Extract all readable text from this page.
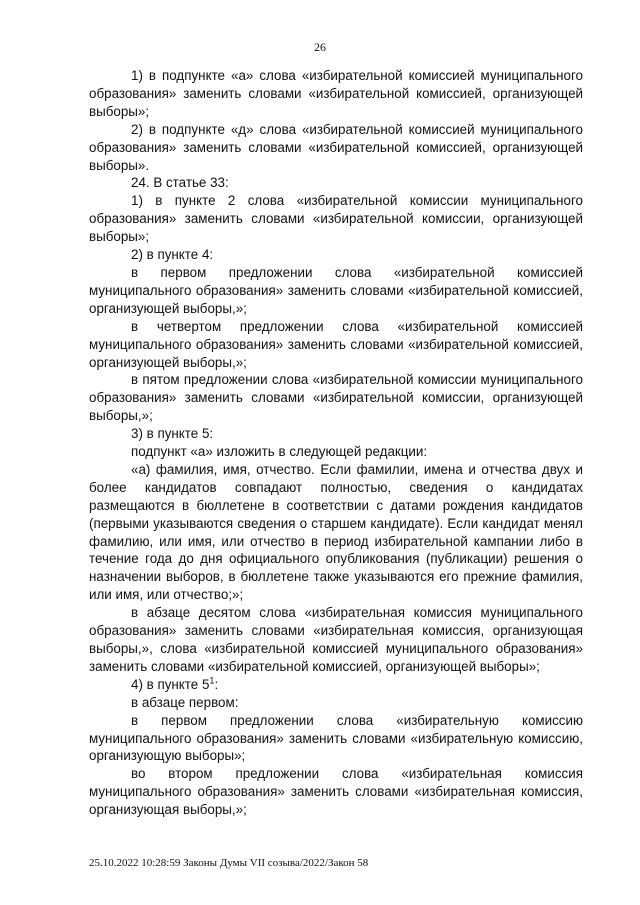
26

1) в подпункте «а» слова «избирательной комиссией муниципального образования» заменить словами «избирательной комиссией, организующей выборы»;

2) в подпункте «д» слова «избирательной комиссией муниципального образования» заменить словами «избирательной комиссией, организующей выборы».

24. В статье 33:

1) в пункте 2 слова «избирательной комиссии муниципального образования» заменить словами «избирательной комиссии, организующей выборы»;

2) в пункте 4:

в первом предложении слова «избирательной комиссией муниципального образования» заменить словами «избирательной комиссией, организующей выборы,»;

в четвертом предложении слова «избирательной комиссией муниципального образования» заменить словами «избирательной комиссией, организующей выборы,»;

в пятом предложении слова «избирательной комиссии муниципального образования» заменить словами «избирательной комиссии, организующей выборы,»;

3) в пункте 5:

подпункт «а» изложить в следующей редакции:

«а) фамилия, имя, отчество. Если фамилии, имена и отчества двух и более кандидатов совпадают полностью, сведения о кандидатах размещаются в бюллетене в соответствии с датами рождения кандидатов (первыми указываются сведения о старшем кандидате). Если кандидат менял фамилию, или имя, или отчество в период избирательной кампании либо в течение года до дня официального опубликования (публикации) решения о назначении выборов, в бюллетене также указываются его прежние фамилия, или имя, или отчество;»;

в абзаце десятом слова «избирательная комиссия муниципального образования» заменить словами «избирательная комиссия, организующая выборы,», слова «избирательной комиссией муниципального образования» заменить словами «избирательной комиссией, организующей выборы»;

4) в пункте $5^1$:

в абзаце первом:

в первом предложении слова «избирательную комиссию муниципального образования» заменить словами «избирательную комиссию, организующую выборы»;

во втором предложении слова «избирательная комиссия муниципального образования» заменить словами «избирательная комиссия, организующая выборы,»;

25.10.2022 10:28:59 Законы Думы VII созыва/2022/Закон 58
